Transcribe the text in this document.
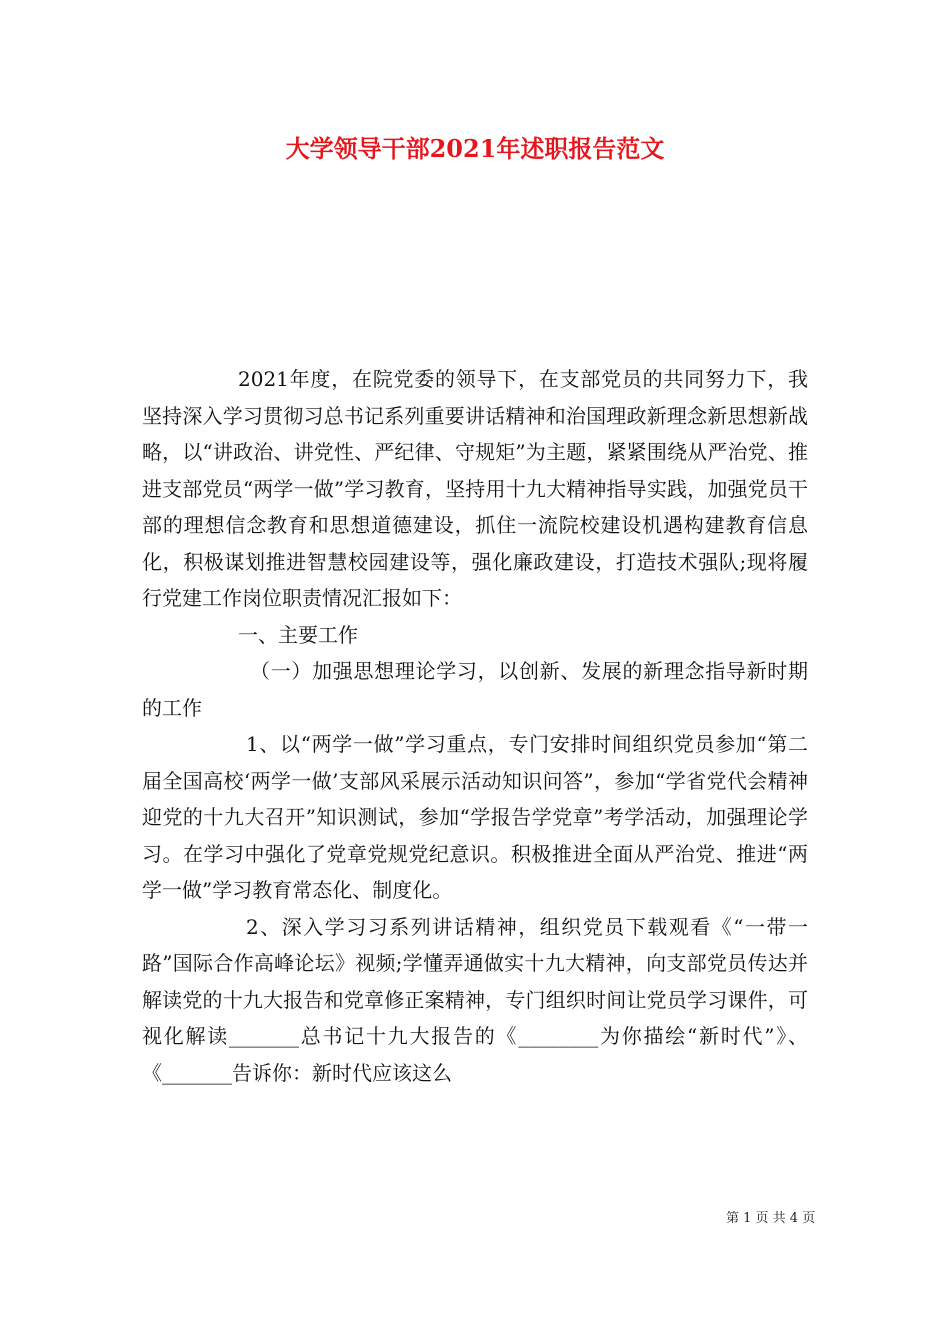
大学领导干部2021年述职报告范文

2021年度，在院党委的领导下，在支部党员的共同努力下，我坚持深入学习贯彻习总书记系列重要讲话精神和治国理政新理念新思想新战略，以“讲政治、讲党性、严纪律、守规矩”为主题，紧紧围绕从严治党、推进支部党员“两学一做”学习教育，坚持用十九大精神指导实践，加强党员干部的理想信念教育和思想道德建设，抓住一流院校建设机遇构建教育信息化，积极谋划推进智慧校园建设等，强化廉政建设，打造技术强队;现将履行党建工作岗位职责情况汇报如下：

一、主要工作

（一）加强思想理论学习，以创新、发展的新理念指导新时期的工作

1、以“两学一做”学习重点，专门安排时间组织党员参加“第二届全国高校‘两学一做’支部风采展示活动知识问答”，参加“学省党代会精神迎党的十九大召开”知识测试，参加“学报告学党章”考学活动，加强理论学习。在学习中强化了党章党规党纪意识。积极推进全面从严治党、推进“两学一做”学习教育常态化、制度化。

2、深入学习习系列讲话精神，组织党员下载观看《“一带一路”国际合作高峰论坛》视频;学懂弄通做实十九大精神，向支部党员传达并解读党的十九大报告和党章修正案精神，专门组织时间让党员学习课件，可视化解读_______总书记十九大报告的《________为你描绘“新时代”》、《_______告诉你：新时代应该这么

第 1 页 共 4 页
